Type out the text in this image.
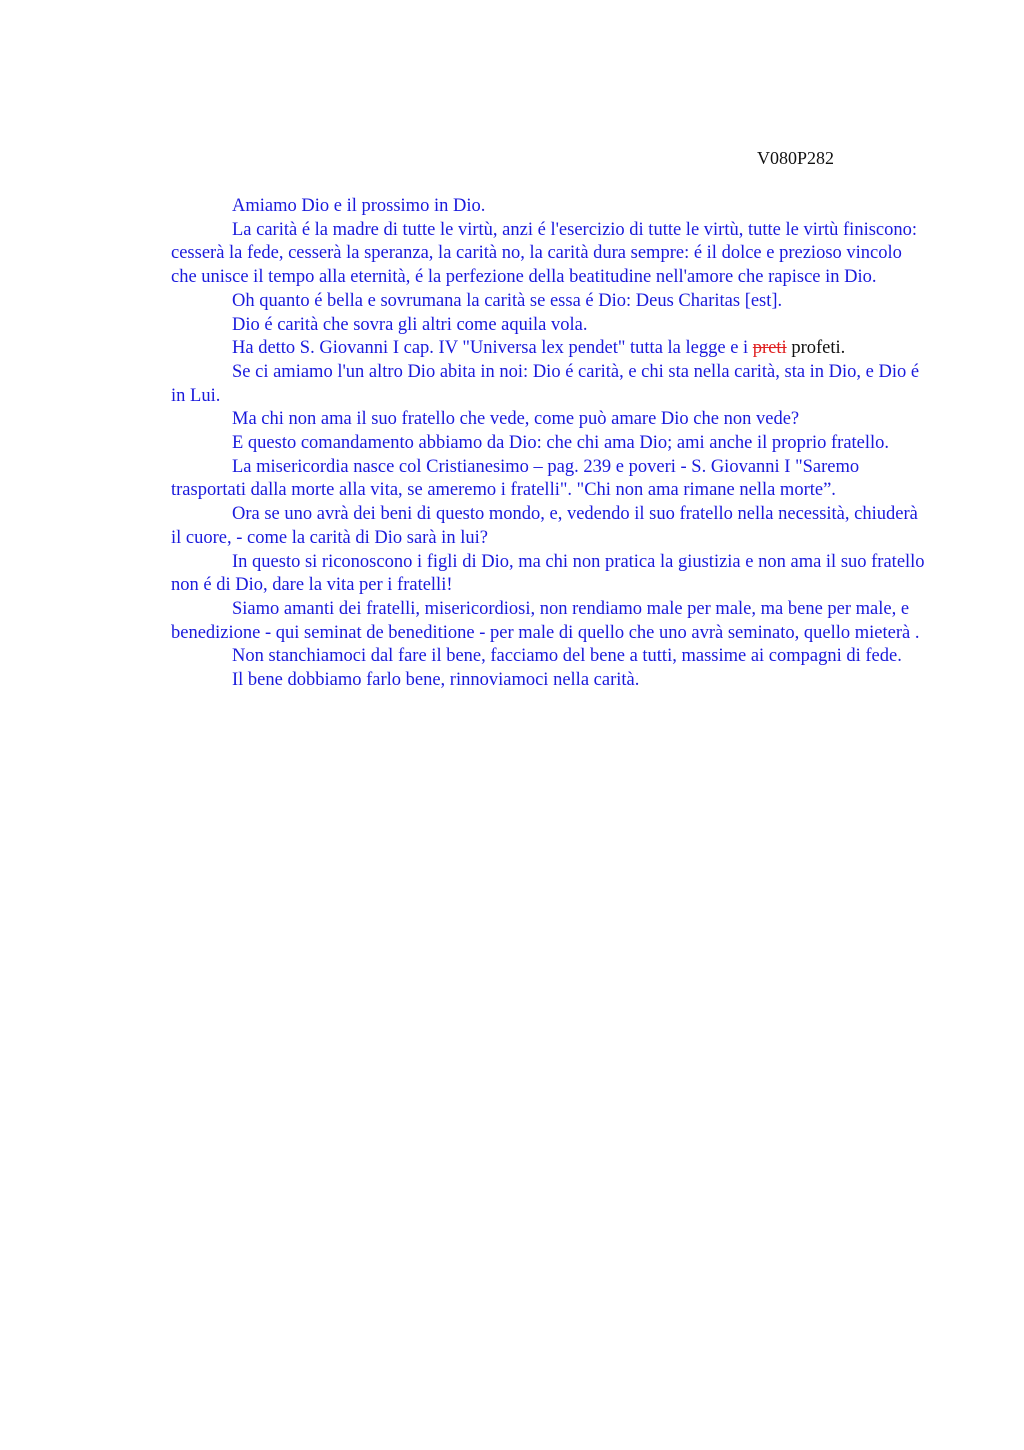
V080P282

Amiamo Dio e il prossimo in Dio.

La carità é la madre di tutte le virtù, anzi é l'esercizio di tutte le virtù, tutte le virtù finiscono: cesserà la fede, cesserà la speranza, la carità no, la carità dura sempre: é il dolce e prezioso vincolo che unisce il tempo alla eternità, é la perfezione della beatitudine nell'amore che rapisce in Dio.

Oh quanto é bella e sovrumana la carità se essa é Dio: Deus Charitas [est].

Dio é carità che sovra gli altri come aquila vola.

Ha detto S. Giovanni I cap. IV "Universa lex pendet" tutta la legge e i preti profeti.

Se ci amiamo l'un altro Dio abita in noi: Dio é carità, e chi sta nella carità, sta in Dio, e Dio é in Lui.

Ma chi non ama il suo fratello che vede, come può amare Dio che non vede?

E questo comandamento abbiamo da Dio: che chi ama Dio; ami anche il proprio fratello.

La misericordia nasce col Cristianesimo – pag. 239 e poveri - S. Giovanni I "Saremo trasportati dalla morte alla vita, se ameremo i fratelli". "Chi non ama rimane nella morte”.

Ora se uno avrà dei beni di questo mondo, e, vedendo il suo fratello nella necessità, chiuderà il cuore, - come la carità di Dio sarà in lui?

In questo si riconoscono i figli di Dio, ma chi non pratica la giustizia e non ama il suo fratello non é di Dio, dare la vita per i fratelli!

Siamo amanti dei fratelli, misericordiosi, non rendiamo male per male, ma bene per male, e benedizione - qui seminat de beneditione - per male di quello che uno avrà seminato, quello mieterà .

Non stanchiamoci dal fare il bene, facciamo del bene a tutti, massime ai compagni di fede.

Il bene dobbiamo farlo bene, rinnoviamoci nella carità.
